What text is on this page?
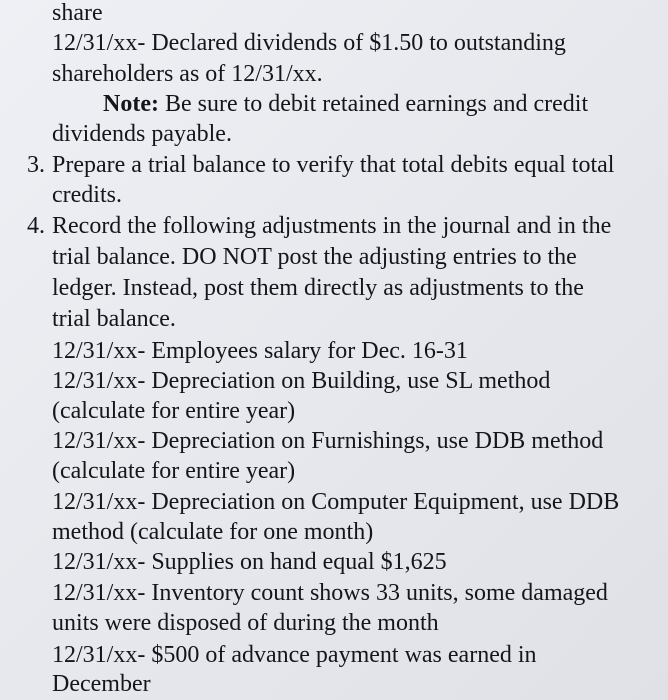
share
12/31/xx- Declared dividends of $1.50 to outstanding
shareholders as of 12/31/xx.
Note: Be sure to debit retained earnings and credit
dividends payable.
3. Prepare a trial balance to verify that total debits equal total
credits.
4. Record the following adjustments in the journal and in the
trial balance. DO NOT post the adjusting entries to the
ledger. Instead, post them directly as adjustments to the
trial balance.
12/31/xx- Employees salary for Dec. 16-31
12/31/xx- Depreciation on Building, use SL method
(calculate for entire year)
12/31/xx- Depreciation on Furnishings, use DDB method
(calculate for entire year)
12/31/xx- Depreciation on Computer Equipment, use DDB
method (calculate for one month)
12/31/xx- Supplies on hand equal $1,625
12/31/xx- Inventory count shows 33 units, some damaged
units were disposed of during the month
12/31/xx- $500 of advance payment was earned in
December
